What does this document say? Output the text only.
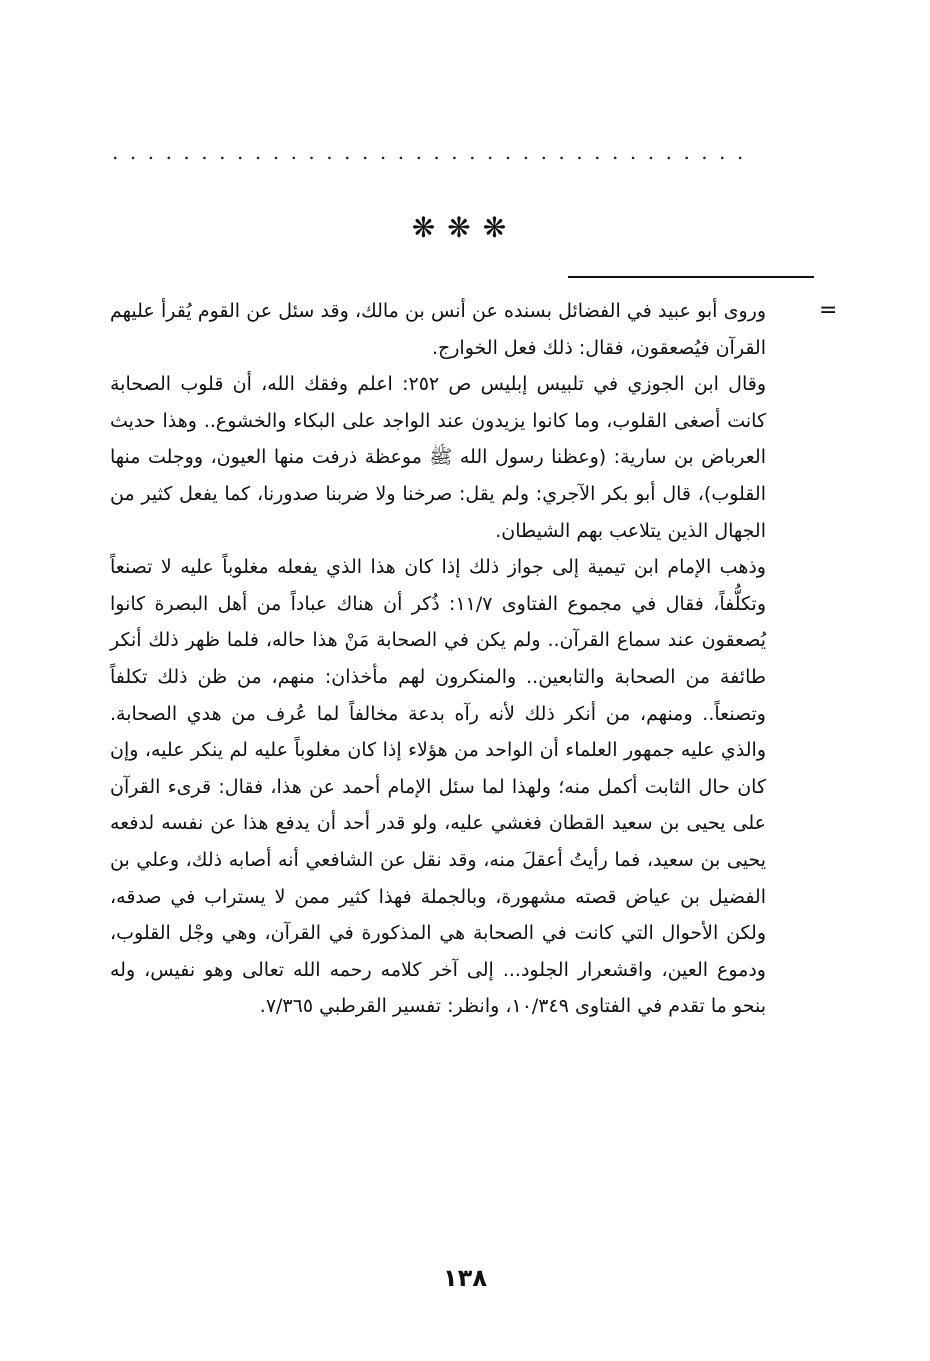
....................................
❋❋❋
=

وروى أبو عبيد في الفضائل بسنده عن أنس بن مالك، وقد سئل عن القوم يُقرأ عليهم القرآن فيُصعقون، فقال: ذلك فعل الخوارج.

وقال ابن الجوزي في تلبيس إبليس ص ٢٥٢: اعلم وفقك الله، أن قلوب الصحابة كانت أصغى القلوب، وما كانوا يزيدون عند الواجد على البكاء والخشوع.. وهذا حديث العرباض بن سارية: (وعظنا رسول الله ﷺ موعظة ذرفت منها العيون، ووجلت منها القلوب)، قال أبو بكر الآجري: ولم يقل: صرخنا ولا ضربنا صدورنا، كما يفعل كثير من الجهال الذين يتلاعب بهم الشيطان.

وذهب الإمام ابن تيمية إلى جواز ذلك إذا كان هذا الذي يفعله مغلوباً عليه لا تصنعاً وتكلُّفاً، فقال في مجموع الفتاوى ١١/٧: ذُكر أن هناك عباداً من أهل البصرة كانوا يُصعقون عند سماع القرآن.. ولم يكن في الصحابة مَنْ هذا حاله، فلما ظهر ذلك أنكر طائفة من الصحابة والتابعين.. والمنكرون لهم مأخذان: منهم، من ظن ذلك تكلفاً وتصنعاً.. ومنهم، من أنكر ذلك لأنه رآه بدعة مخالفاً لما عُرف من هدي الصحابة. والذي عليه جمهور العلماء أن الواحد من هؤلاء إذا كان مغلوباً عليه لم ينكر عليه، وإن كان حال الثابت أكمل منه؛ ولهذا لما سئل الإمام أحمد عن هذا، فقال: قرىء القرآن على يحيى بن سعيد القطان فغشي عليه، ولو قدر أحد أن يدفع هذا عن نفسه لدفعه يحيى بن سعيد، فما رأيتُ أعقلَ منه، وقد نقل عن الشافعي أنه أصابه ذلك، وعلي بن الفضيل بن عياض قصته مشهورة، وبالجملة فهذا كثير ممن لا يستراب في صدقه، ولكن الأحوال التي كانت في الصحابة هي المذكورة في القرآن، وهي وجْل القلوب، ودموع العين، واقشعرار الجلود... إلى آخر كلامه رحمه الله تعالى وهو نفيس، وله بنحو ما تقدم في الفتاوى ١٠/٣٤٩، وانظر: تفسير القرطبي ٧/٣٦٥.

١٣٨
